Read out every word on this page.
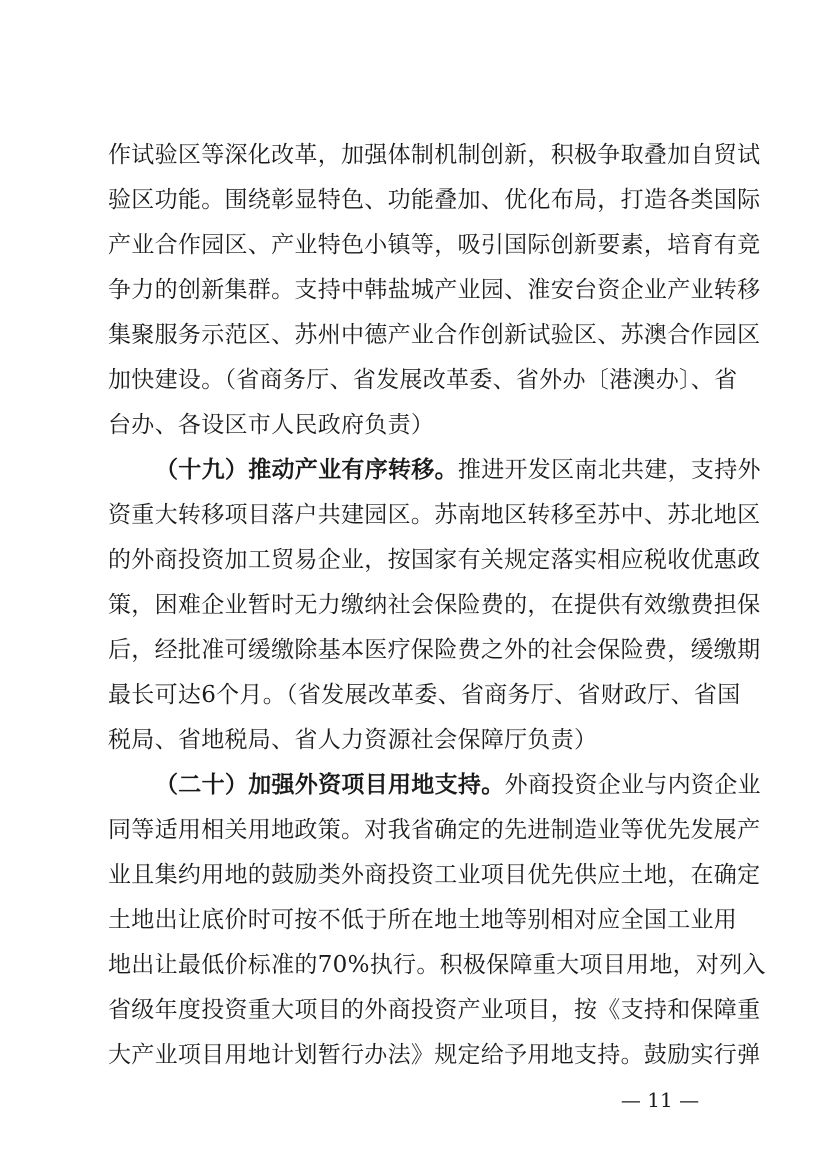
作试验区等深化改革，加强体制机制创新，积极争取叠加自贸试
验区功能。围绕彰显特色、功能叠加、优化布局，打造各类国际
产业合作园区、产业特色小镇等，吸引国际创新要素，培育有竞
争力的创新集群。支持中韩盐城产业园、淮安台资企业产业转移
集聚服务示范区、苏州中德产业合作创新试验区、苏澳合作园区
加快建设。（省商务厅、省发展改革委、省外办〔港澳办〕、省
台办、各设区市人民政府负责）
（十九）推动产业有序转移。推进开发区南北共建，支持外
资重大转移项目落户共建园区。苏南地区转移至苏中、苏北地区
的外商投资加工贸易企业，按国家有关规定落实相应税收优惠政
策，困难企业暂时无力缴纳社会保险费的，在提供有效缴费担保
后，经批准可缓缴除基本医疗保险费之外的社会保险费，缓缴期
最长可达6个月。（省发展改革委、省商务厅、省财政厅、省国
税局、省地税局、省人力资源社会保障厅负责）
（二十）加强外资项目用地支持。外商投资企业与内资企业
同等适用相关用地政策。对我省确定的先进制造业等优先发展产
业且集约用地的鼓励类外商投资工业项目优先供应土地，在确定
土地出让底价时可按不低于所在地土地等别相对应全国工业用
地出让最低价标准的70%执行。积极保障重大项目用地，对列入
省级年度投资重大项目的外商投资产业项目，按《支持和保障重
大产业项目用地计划暂行办法》规定给予用地支持。鼓励实行弹
— 11 —
